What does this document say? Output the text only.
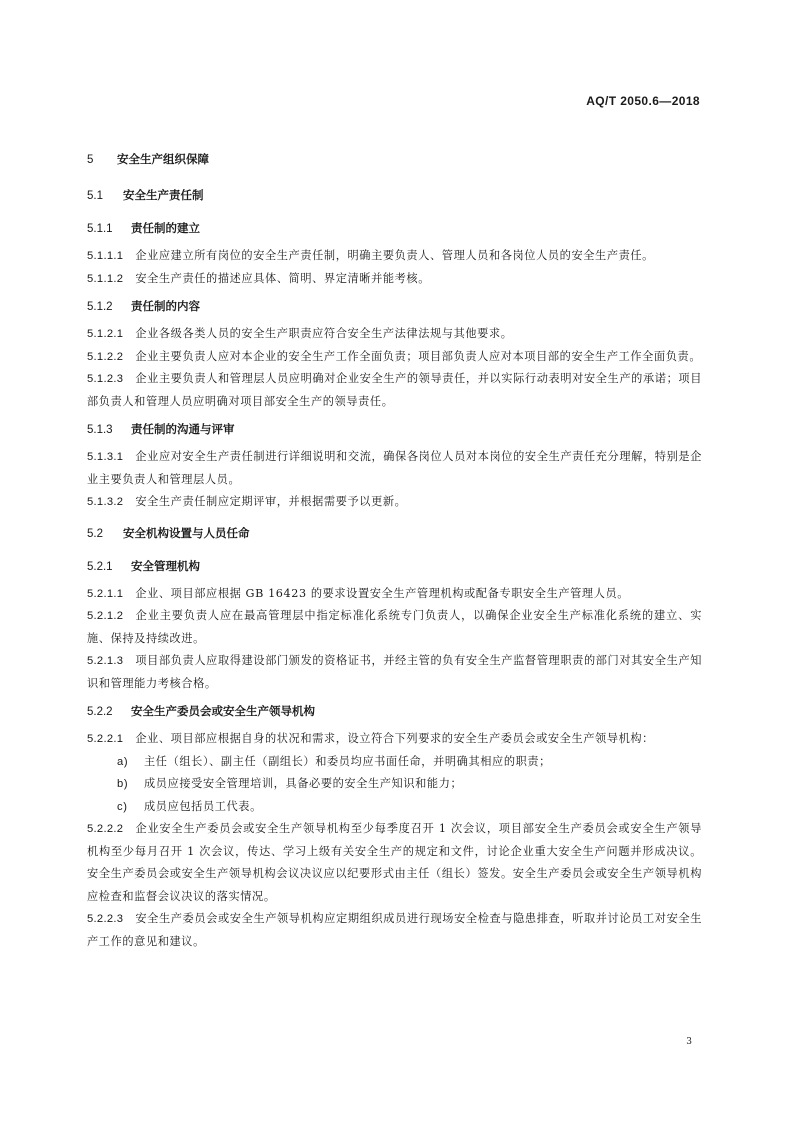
AQ/T 2050.6—2018
5 安全生产组织保障
5.1 安全生产责任制
5.1.1 责任制的建立
5.1.1.1 企业应建立所有岗位的安全生产责任制，明确主要负责人、管理人员和各岗位人员的安全生产责任。
5.1.1.2 安全生产责任的描述应具体、简明、界定清晰并能考核。
5.1.2 责任制的内容
5.1.2.1 企业各级各类人员的安全生产职责应符合安全生产法律法规与其他要求。
5.1.2.2 企业主要负责人应对本企业的安全生产工作全面负责；项目部负责人应对本项目部的安全生产工作全面负责。
5.1.2.3 企业主要负责人和管理层人员应明确对企业安全生产的领导责任，并以实际行动表明对安全生产的承诺；项目部负责人和管理人员应明确对项目部安全生产的领导责任。
5.1.3 责任制的沟通与评审
5.1.3.1 企业应对安全生产责任制进行详细说明和交流，确保各岗位人员对本岗位的安全生产责任充分理解，特别是企业主要负责人和管理层人员。
5.1.3.2 安全生产责任制应定期评审，并根据需要予以更新。
5.2 安全机构设置与人员任命
5.2.1 安全管理机构
5.2.1.1 企业、项目部应根据 GB 16423 的要求设置安全生产管理机构或配备专职安全生产管理人员。
5.2.1.2 企业主要负责人应在最高管理层中指定标准化系统专门负责人，以确保企业安全生产标准化系统的建立、实施、保持及持续改进。
5.2.1.3 项目部负责人应取得建设部门颁发的资格证书，并经主管的负有安全生产监督管理职责的部门对其安全生产知识和管理能力考核合格。
5.2.2 安全生产委员会或安全生产领导机构
5.2.2.1 企业、项目部应根据自身的状况和需求，设立符合下列要求的安全生产委员会或安全生产领导机构：
a) 主任（组长）、副主任（副组长）和委员均应书面任命，并明确其相应的职责；
b) 成员应接受安全管理培训，具备必要的安全生产知识和能力；
c) 成员应包括员工代表。
5.2.2.2 企业安全生产委员会或安全生产领导机构至少每季度召开 1 次会议，项目部安全生产委员会或安全生产领导机构至少每月召开 1 次会议，传达、学习上级有关安全生产的规定和文件，讨论企业重大安全生产问题并形成决议。安全生产委员会或安全生产领导机构会议决议应以纪要形式由主任（组长）签发。安全生产委员会或安全生产领导机构应检查和监督会议决议的落实情况。
5.2.2.3 安全生产委员会或安全生产领导机构应定期组织成员进行现场安全检查与隐患排查，听取并讨论员工对安全生产工作的意见和建议。
3
